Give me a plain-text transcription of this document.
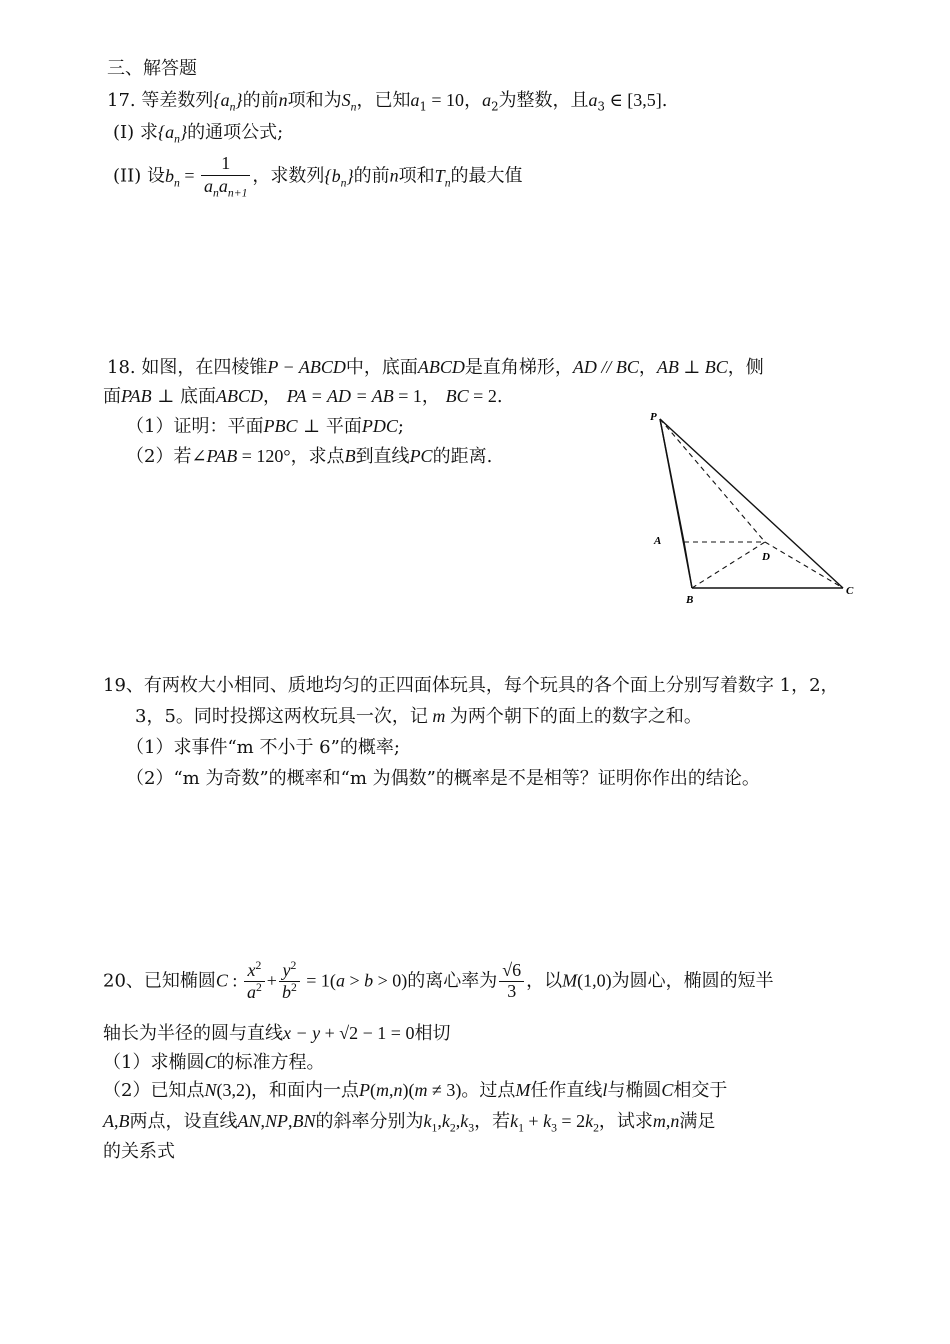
三、解答题
17. 等差数列$\{a_n\}$的前n项和为$S_n$，已知$a_1 = 10$，$a_2$为整数，且$a_3$ ∈ [3,5].
(I) 求$\{a_n\}$的通项公式;
(II) 设$b_n = \frac{1}{a_na_{n+1}}$ ，求数列$\{b_n\}$的前n项和$T_n$的最大值
18. 如图，在四棱锥P − ABCD中，底面ABCD是直角梯形，AD // BC，AB ⊥ BC，侧
面PAB ⊥ 底面ABCD， PA = AD = AB = 1， BC = 2.
（1）证明：平面PBC ⊥ 平面PDC;
（2）若∠PAB = 120°，求点B到直线PC的距离.
P
A
B
C
D
19、有两枚大小相同、质地均匀的正四面体玩具，每个玩具的各个面上分别写着数字 1，2，
3，5。同时投掷这两枚玩具一次，记 m 为两个朝下的面上的数字之和。
（1）求事件“m 不小于 6”的概率;
（2）“m 为奇数”的概率和“m 为偶数”的概率是不是相等？证明你作出的结论。
20、已知椭圆C : $\frac{x^2}{a^2} + \frac{y^2}{b^2} = 1(a > b > 0)$的离心率为 $\frac{√6}{3}$ ，以M(1,0)为圆心，椭圆的短半
轴长为半径的圆与直线x − y + √2 − 1 = 0相切
（1）求椭圆C的标准方程。
（2）已知点N(3,2)，和面内一点P(m,n)(m ≠ 3)。过点M任作直线l与椭圆C相交于
A,B两点，设直线AN,NP,BN的斜率分别为$k_1,k_2,k_3$，若$k_1 + k_3 = 2k_2$，试求m,n满足
的关系式
